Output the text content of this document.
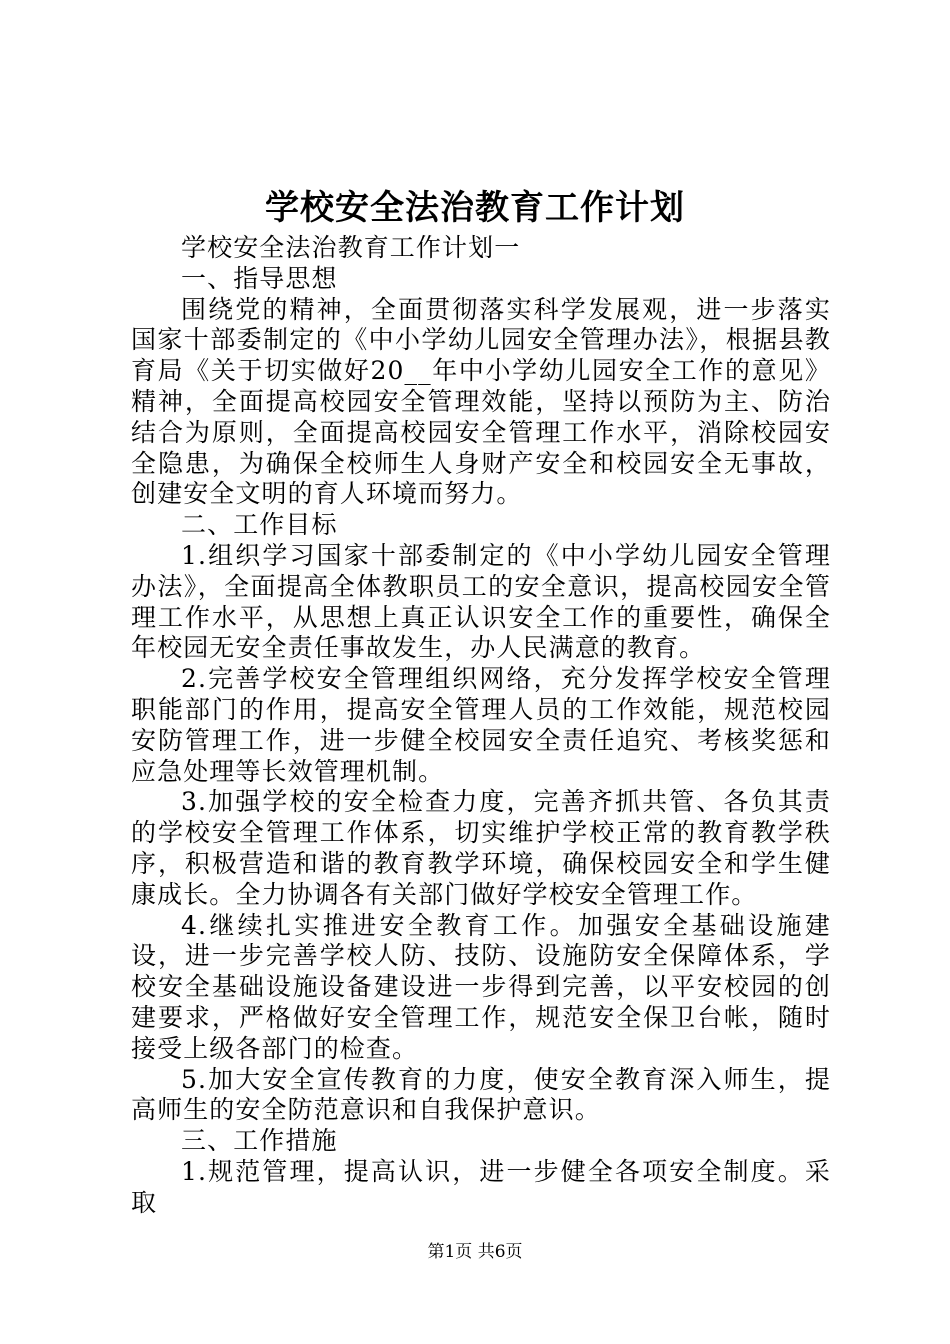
学校安全法治教育工作计划

学校安全法治教育工作计划一

一、指导思想

围绕党的精神，全面贯彻落实科学发展观，进一步落实国家十部委制定的《中小学幼儿园安全管理办法》，根据县教育局《关于切实做好20__年中小学幼儿园安全工作的意见》精神，全面提高校园安全管理效能，坚持以预防为主、防治结合为原则，全面提高校园安全管理工作水平，消除校园安全隐患，为确保全校师生人身财产安全和校园安全无事故，创建安全文明的育人环境而努力。

二、工作目标

1.组织学习国家十部委制定的《中小学幼儿园安全管理办法》，全面提高全体教职员工的安全意识，提高校园安全管理工作水平，从思想上真正认识安全工作的重要性，确保全年校园无安全责任事故发生，办人民满意的教育。

2.完善学校安全管理组织网络，充分发挥学校安全管理职能部门的作用，提高安全管理人员的工作效能，规范校园安防管理工作，进一步健全校园安全责任追究、考核奖惩和应急处理等长效管理机制。

3.加强学校的安全检查力度，完善齐抓共管、各负其责的学校安全管理工作体系，切实维护学校正常的教育教学秩序，积极营造和谐的教育教学环境，确保校园安全和学生健康成长。全力协调各有关部门做好学校安全管理工作。

4.继续扎实推进安全教育工作。加强安全基础设施建设，进一步完善学校人防、技防、设施防安全保障体系，学校安全基础设施设备建设进一步得到完善，以平安校园的创建要求，严格做好安全管理工作，规范安全保卫台帐，随时接受上级各部门的检查。

5.加大安全宣传教育的力度，使安全教育深入师生，提高师生的安全防范意识和自我保护意识。

三、工作措施

1.规范管理，提高认识，进一步健全各项安全制度。采取

第1页 共6页
